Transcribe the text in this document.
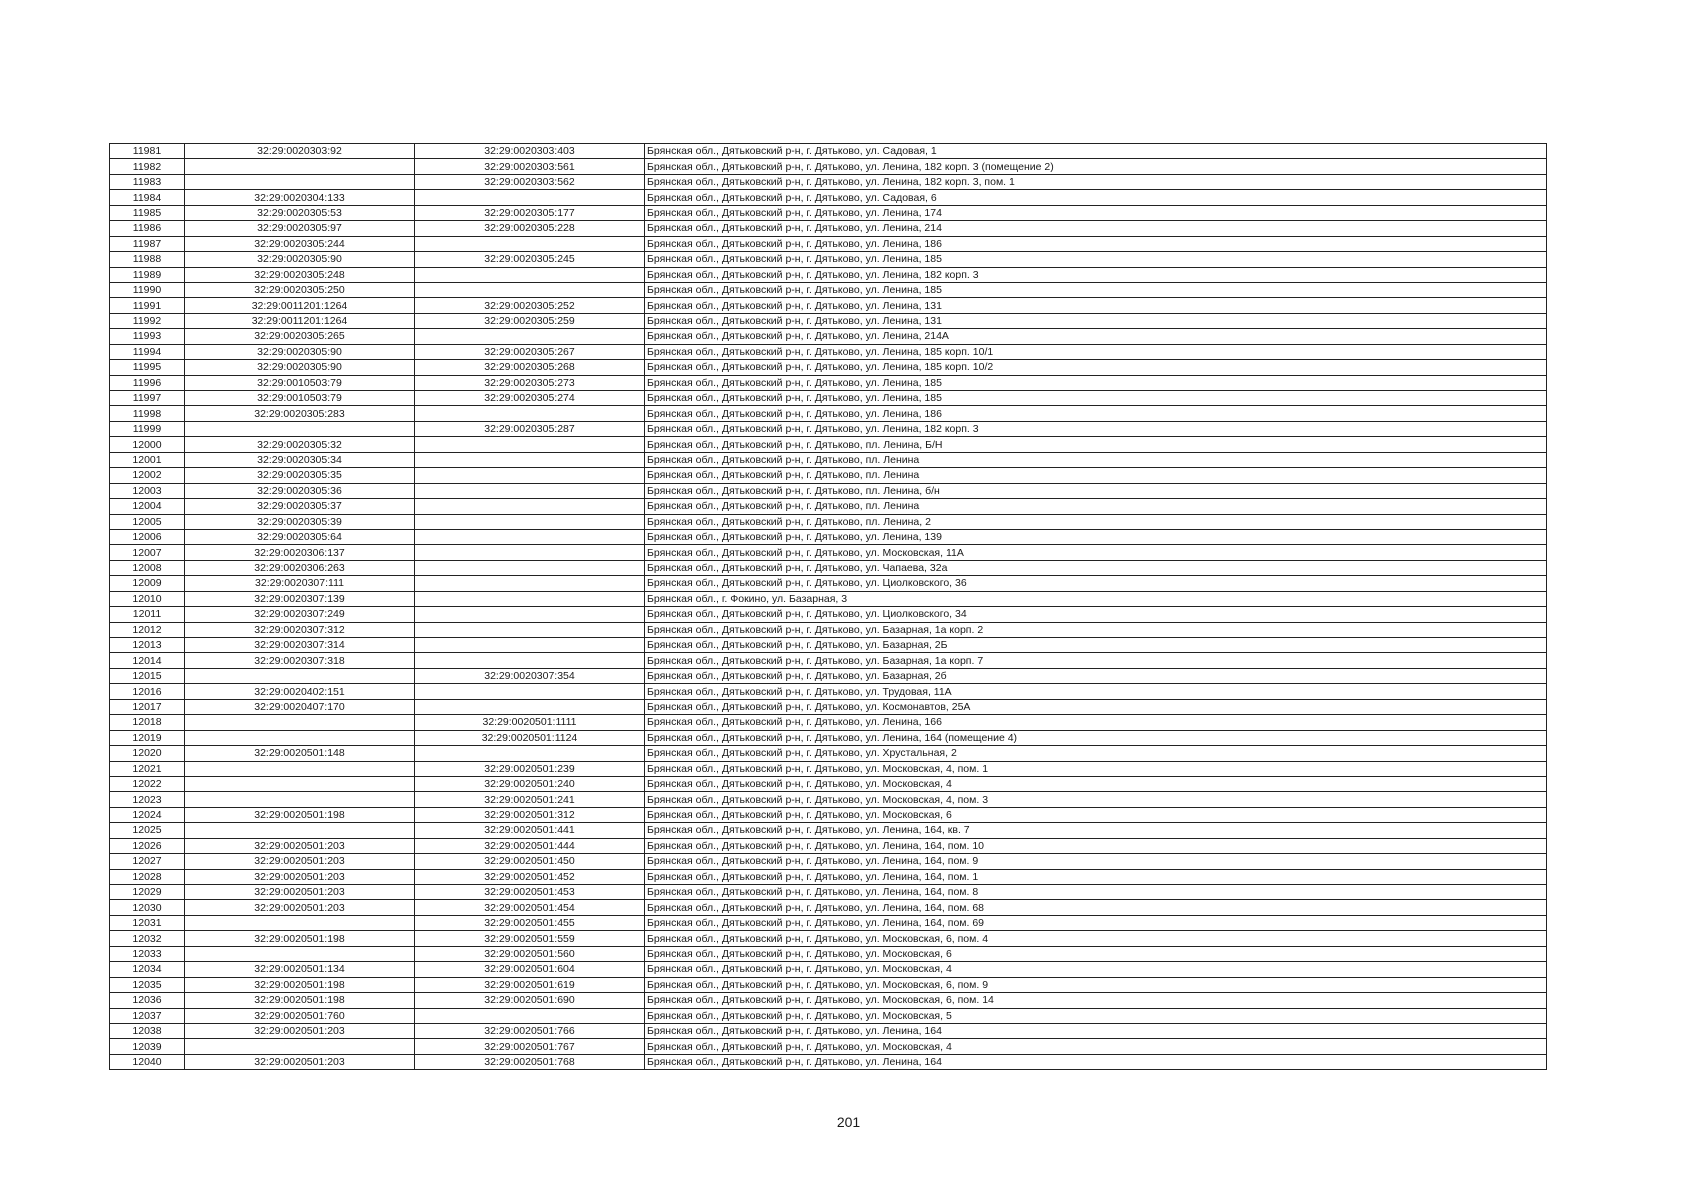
11981	32:29:0020303:92	32:29:0020303:403	Брянская обл., Дятьковский р-н, г. Дятьково, ул. Садовая, 1
11982		32:29:0020303:561	Брянская обл., Дятьковский р-н, г. Дятьково, ул. Ленина, 182 корп. 3 (помещение 2)
11983		32:29:0020303:562	Брянская обл., Дятьковский р-н, г. Дятьково, ул. Ленина, 182 корп. 3, пом. 1
11984	32:29:0020304:133		Брянская обл., Дятьковский р-н, г. Дятьково, ул. Садовая, 6
11985	32:29:0020305:53	32:29:0020305:177	Брянская обл., Дятьковский р-н, г. Дятьково, ул. Ленина, 174
11986	32:29:0020305:97	32:29:0020305:228	Брянская обл., Дятьковский р-н, г. Дятьково, ул. Ленина, 214
11987	32:29:0020305:244		Брянская обл., Дятьковский р-н, г. Дятьково, ул. Ленина, 186
11988	32:29:0020305:90	32:29:0020305:245	Брянская обл., Дятьковский р-н, г. Дятьково, ул. Ленина, 185
11989	32:29:0020305:248		Брянская обл., Дятьковский р-н, г. Дятьково, ул. Ленина, 182 корп. 3
11990	32:29:0020305:250		Брянская обл., Дятьковский р-н, г. Дятьково, ул. Ленина, 185
11991	32:29:0011201:1264	32:29:0020305:252	Брянская обл., Дятьковский р-н, г. Дятьково, ул. Ленина, 131
11992	32:29:0011201:1264	32:29:0020305:259	Брянская обл., Дятьковский р-н, г. Дятьково, ул. Ленина, 131
11993	32:29:0020305:265		Брянская обл., Дятьковский р-н, г. Дятьково, ул. Ленина, 214А
11994	32:29:0020305:90	32:29:0020305:267	Брянская обл., Дятьковский р-н, г. Дятьково, ул. Ленина, 185 корп. 10/1
11995	32:29:0020305:90	32:29:0020305:268	Брянская обл., Дятьковский р-н, г. Дятьково, ул. Ленина, 185 корп. 10/2
11996	32:29:0010503:79	32:29:0020305:273	Брянская обл., Дятьковский р-н, г. Дятьково, ул. Ленина, 185
11997	32:29:0010503:79	32:29:0020305:274	Брянская обл., Дятьковский р-н, г. Дятьково, ул. Ленина, 185
11998	32:29:0020305:283		Брянская обл., Дятьковский р-н, г. Дятьково, ул. Ленина, 186
11999		32:29:0020305:287	Брянская обл., Дятьковский р-н, г. Дятьково, ул. Ленина, 182 корп. 3
12000	32:29:0020305:32		Брянская обл., Дятьковский р-н, г. Дятьково, пл. Ленина, Б/Н
12001	32:29:0020305:34		Брянская обл., Дятьковский р-н, г. Дятьково, пл. Ленина
12002	32:29:0020305:35		Брянская обл., Дятьковский р-н, г. Дятьково, пл. Ленина
12003	32:29:0020305:36		Брянская обл., Дятьковский р-н, г. Дятьково, пл. Ленина, б/н
12004	32:29:0020305:37		Брянская обл., Дятьковский р-н, г. Дятьково, пл. Ленина
12005	32:29:0020305:39		Брянская обл., Дятьковский р-н, г. Дятьково, пл. Ленина, 2
12006	32:29:0020305:64		Брянская обл., Дятьковский р-н, г. Дятьково, ул. Ленина, 139
12007	32:29:0020306:137		Брянская обл., Дятьковский р-н, г. Дятьково, ул. Московская, 11А
12008	32:29:0020306:263		Брянская обл., Дятьковский р-н, г. Дятьково, ул. Чапаева, 32а
12009	32:29:0020307:111		Брянская обл., Дятьковский р-н, г. Дятьково, ул. Циолковского, 36
12010	32:29:0020307:139		Брянская обл., г. Фокино, ул. Базарная, 3
12011	32:29:0020307:249		Брянская обл., Дятьковский р-н, г. Дятьково, ул. Циолковского, 34
12012	32:29:0020307:312		Брянская обл., Дятьковский р-н, г. Дятьково, ул. Базарная, 1а корп. 2
12013	32:29:0020307:314		Брянская обл., Дятьковский р-н, г. Дятьково, ул. Базарная, 2Б
12014	32:29:0020307:318		Брянская обл., Дятьковский р-н, г. Дятьково, ул. Базарная, 1а корп. 7
12015		32:29:0020307:354	Брянская обл., Дятьковский р-н, г. Дятьково, ул. Базарная, 2б
12016	32:29:0020402:151		Брянская обл., Дятьковский р-н, г. Дятьково, ул. Трудовая, 11А
12017	32:29:0020407:170		Брянская обл., Дятьковский р-н, г. Дятьково, ул. Космонавтов, 25А
12018		32:29:0020501:1111	Брянская обл., Дятьковский р-н, г. Дятьково, ул. Ленина, 166
12019		32:29:0020501:1124	Брянская обл., Дятьковский р-н, г. Дятьково, ул. Ленина, 164 (помещение 4)
12020	32:29:0020501:148		Брянская обл., Дятьковский р-н, г. Дятьково, ул. Хрустальная, 2
12021		32:29:0020501:239	Брянская обл., Дятьковский р-н, г. Дятьково, ул. Московская, 4, пом. 1
12022		32:29:0020501:240	Брянская обл., Дятьковский р-н, г. Дятьково, ул. Московская, 4
12023		32:29:0020501:241	Брянская обл., Дятьковский р-н, г. Дятьково, ул. Московская, 4, пом. 3
12024	32:29:0020501:198	32:29:0020501:312	Брянская обл., Дятьковский р-н, г. Дятьково, ул. Московская, 6
12025		32:29:0020501:441	Брянская обл., Дятьковский р-н, г. Дятьково, ул. Ленина, 164, кв. 7
12026	32:29:0020501:203	32:29:0020501:444	Брянская обл., Дятьковский р-н, г. Дятьково, ул. Ленина, 164, пом. 10
12027	32:29:0020501:203	32:29:0020501:450	Брянская обл., Дятьковский р-н, г. Дятьково, ул. Ленина, 164, пом. 9
12028	32:29:0020501:203	32:29:0020501:452	Брянская обл., Дятьковский р-н, г. Дятьково, ул. Ленина, 164, пом. 1
12029	32:29:0020501:203	32:29:0020501:453	Брянская обл., Дятьковский р-н, г. Дятьково, ул. Ленина, 164, пом. 8
12030	32:29:0020501:203	32:29:0020501:454	Брянская обл., Дятьковский р-н, г. Дятьково, ул. Ленина, 164, пом. 68
12031		32:29:0020501:455	Брянская обл., Дятьковский р-н, г. Дятьково, ул. Ленина, 164, пом. 69
12032	32:29:0020501:198	32:29:0020501:559	Брянская обл., Дятьковский р-н, г. Дятьково, ул. Московская, 6, пом. 4
12033		32:29:0020501:560	Брянская обл., Дятьковский р-н, г. Дятьково, ул. Московская, 6
12034	32:29:0020501:134	32:29:0020501:604	Брянская обл., Дятьковский р-н, г. Дятьково, ул. Московская, 4
12035	32:29:0020501:198	32:29:0020501:619	Брянская обл., Дятьковский р-н, г. Дятьково, ул. Московская, 6, пом. 9
12036	32:29:0020501:198	32:29:0020501:690	Брянская обл., Дятьковский р-н, г. Дятьково, ул. Московская, 6, пом. 14
12037	32:29:0020501:760		Брянская обл., Дятьковский р-н, г. Дятьково, ул. Московская, 5
12038	32:29:0020501:203	32:29:0020501:766	Брянская обл., Дятьковский р-н, г. Дятьково, ул. Ленина, 164
12039		32:29:0020501:767	Брянская обл., Дятьковский р-н, г. Дятьково, ул. Московская, 4
12040	32:29:0020501:203	32:29:0020501:768	Брянская обл., Дятьковский р-н, г. Дятьково, ул. Ленина, 164
201
